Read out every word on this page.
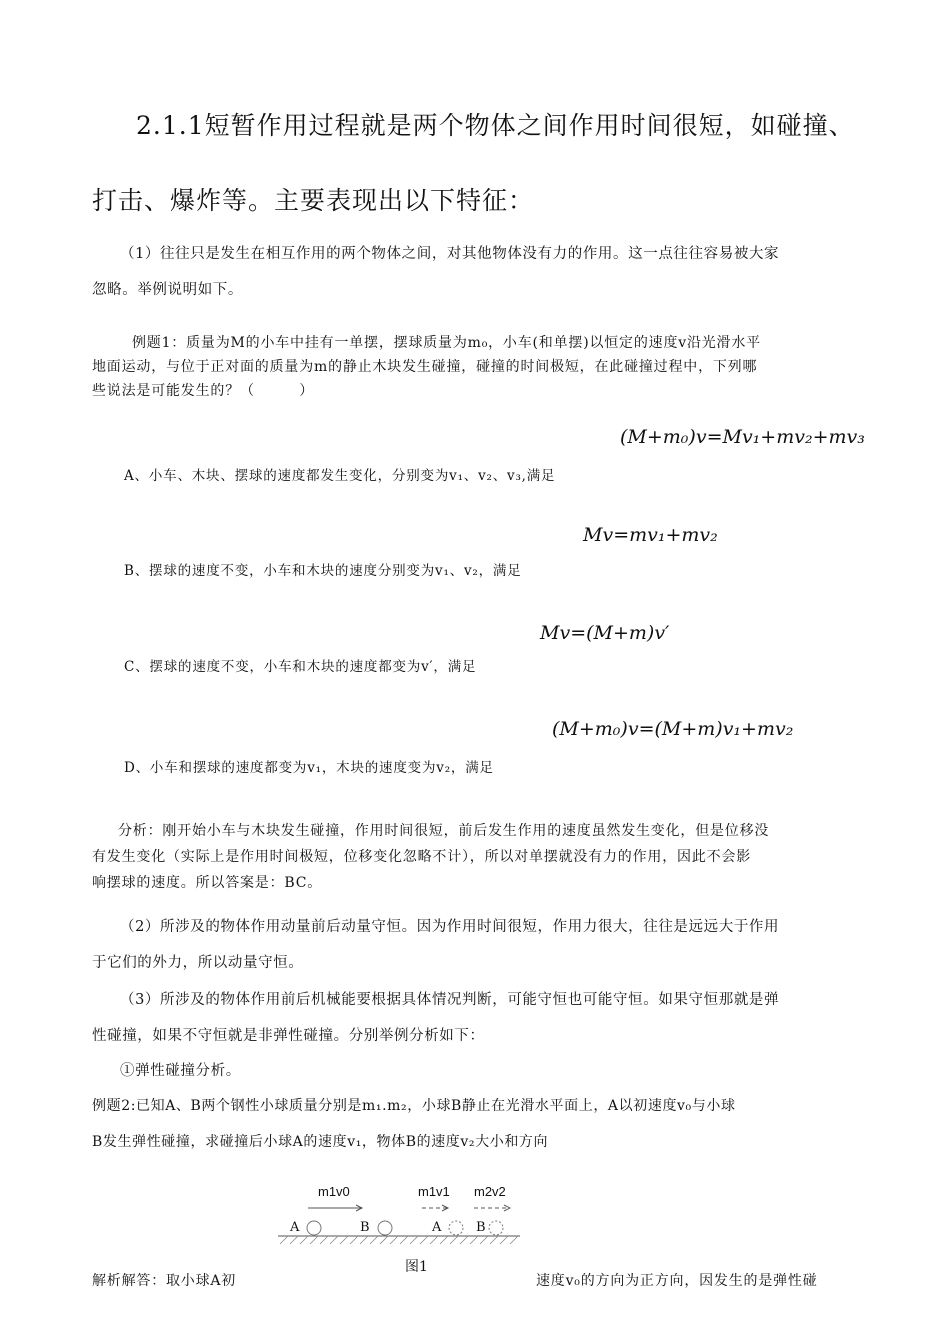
2.1.1短暂作用过程就是两个物体之间作用时间很短，如碰撞、
打击、爆炸等。主要表现出以下特征：
（1）往往只是发生在相互作用的两个物体之间，对其他物体没有力的作用。这一点往往容易被大家
忽略。举例说明如下。
例题1：质量为M的小车中挂有一单摆，摆球质量为m₀，小车(和单摆)以恒定的速度v沿光滑水平
地面运动，与位于正对面的质量为m的静止木块发生碰撞，碰撞的时间极短，在此碰撞过程中，下列哪
些说法是可能发生的？（　　　）
(M+m₀)v=Mv₁+mv₂+mv₃
A、小车、木块、摆球的速度都发生变化，分别变为v₁、v₂、v₃,满足
Mv=mv₁+mv₂
B、摆球的速度不变，小车和木块的速度分别变为v₁、v₂，满足
Mv=(M+m)v′
C、摆球的速度不变，小车和木块的速度都变为v′，满足
(M+m₀)v=(M+m)v₁+mv₂
D、小车和摆球的速度都变为v₁，木块的速度变为v₂，满足
分析：刚开始小车与木块发生碰撞，作用时间很短，前后发生作用的速度虽然发生变化，但是位移没
有发生变化（实际上是作用时间极短，位移变化忽略不计），所以对单摆就没有力的作用，因此不会影
响摆球的速度。所以答案是：BC。
（2）所涉及的物体作用动量前后动量守恒。因为作用时间很短，作用力很大，往往是远远大于作用
于它们的外力，所以动量守恒。
（3）所涉及的物体作用前后机械能要根据具体情况判断，可能守恒也可能守恒。如果守恒那就是弹
性碰撞，如果不守恒就是非弹性碰撞。分别举例分析如下：
①弹性碰撞分析。
例题2:已知A、B两个钢性小球质量分别是m₁.m₂，小球B静止在光滑水平面上，A以初速度v₀与小球
B发生弹性碰撞，求碰撞后小球A的速度v₁，物体B的速度v₂大小和方向
m1v0	m1v1 m2v2
A	B	A	B
图1
解析解答：取小球A初	速度v₀的方向为正方向，因发生的是弹性碰
